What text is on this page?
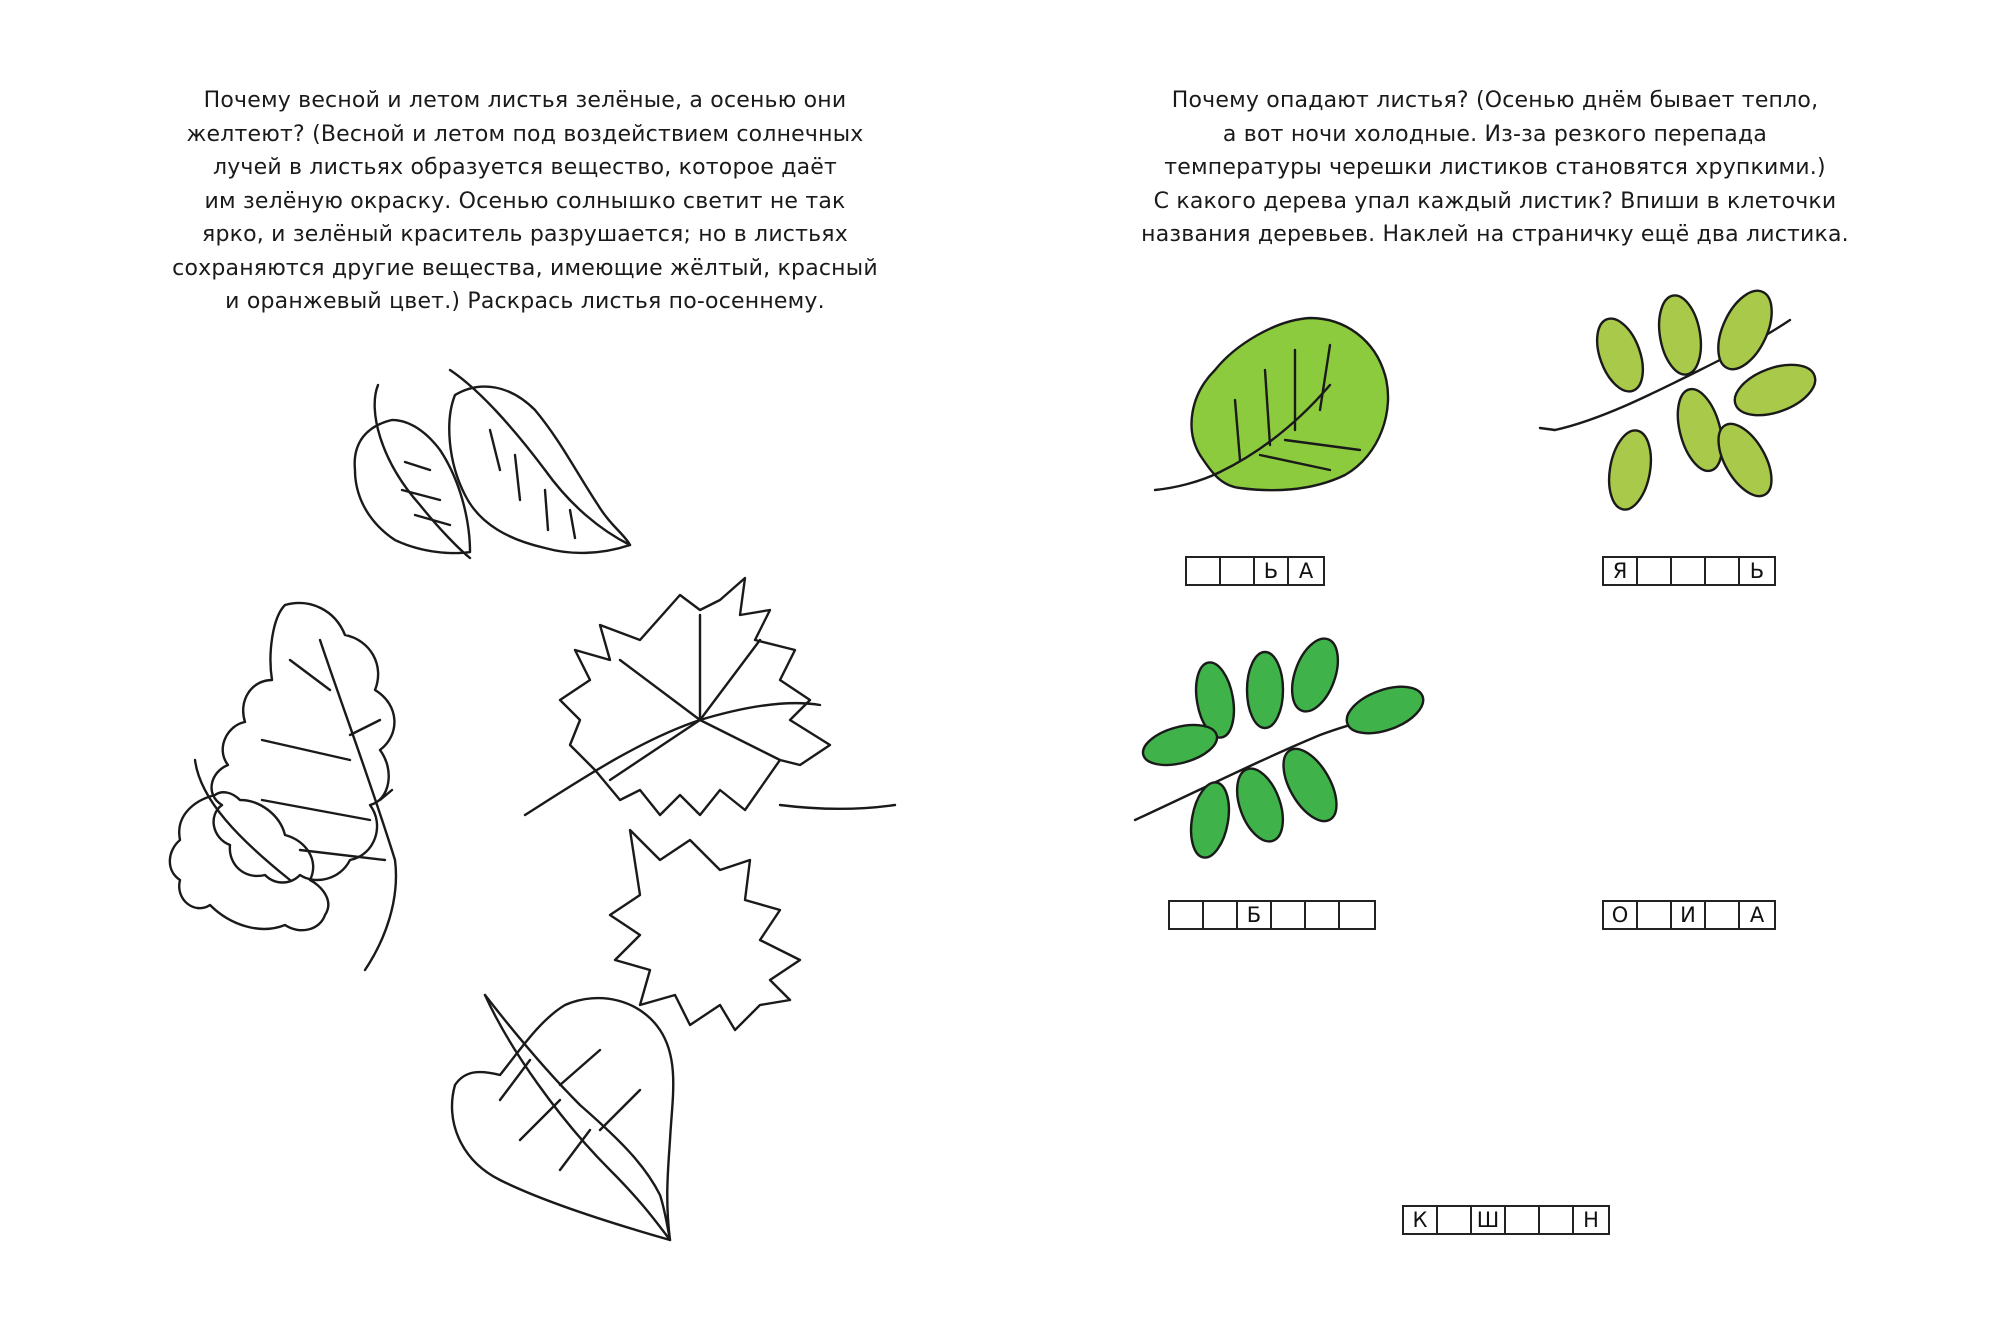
Почему весной и летом листья зелёные, а осенью они
желтеют? (Весной и летом под воздействием солнечных
лучей в листьях образуется вещество, которое даёт
им зелёную окраску. Осенью солнышко светит не так
ярко, и зелёный краситель разрушается; но в листьях
сохраняются другие вещества, имеющие жёлтый, красный
и оранжевый цвет.) Раскрась листья по-осеннему.

Почему опадают листья? (Осенью днём бывает тепло,
а вот ночи холодные. Из-за резкого перепада
температуры черешки листиков становятся хрупкими.)
С какого дерева упал каждый листик? Впиши в клеточки
названия деревьев. Наклей на страничку ещё два листика.

Ь А	Я	Ь
Б	О	И	А
К	Ш	Н
